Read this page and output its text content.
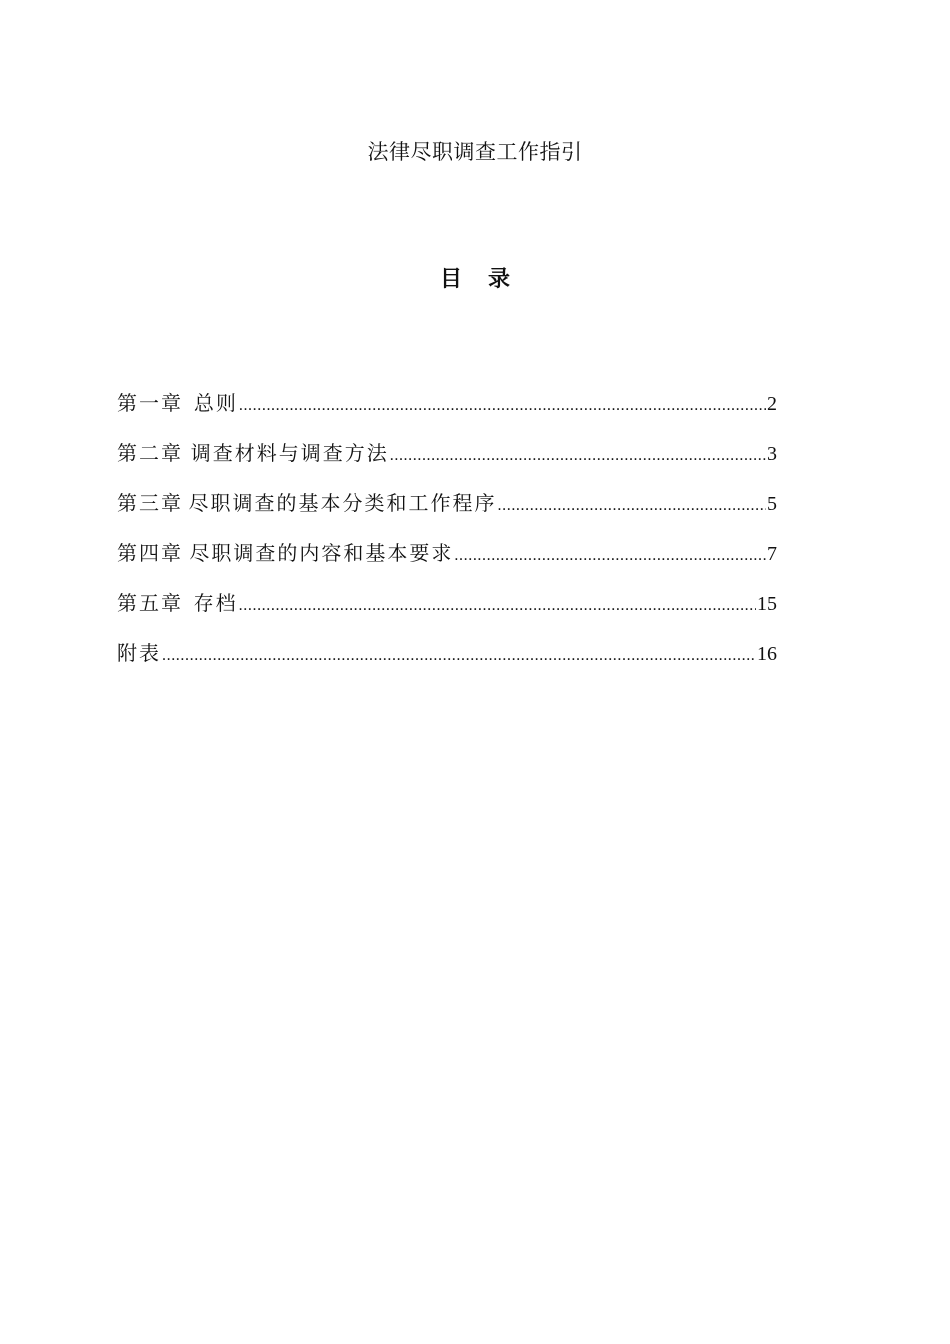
法律尽职调查工作指引
目 录
第一章 总则 .....	2
第二章 调查材料与调查方法 .....	3
第三章 尽职调查的基本分类和工作程序 .....	5
第四章 尽职调查的内容和基本要求 .....	7
第五章 存档 .....	15
附表 .....	16
